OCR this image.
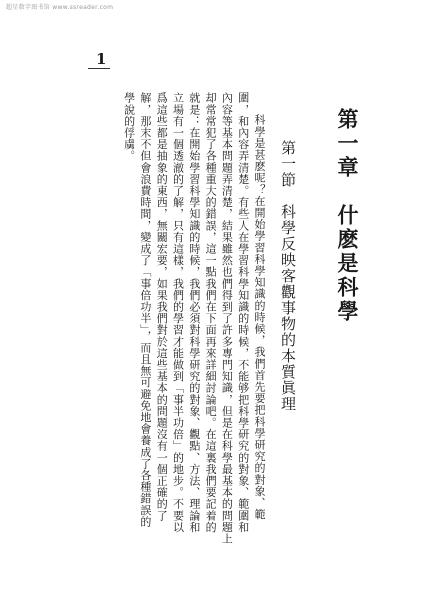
超星数字图书馆 www.ssreader.com
1
第一章　什麽是科學
第一節　科學反映客觀事物的本質眞理
科學是甚麽呢？在開始學習科學知識的時候，我們首先要把科學研究的對象、範
圍，和內容弄清楚。有些人在學習科學知識的時候，不能够把科學研究的對象、範圍和
內容等基本問題弄清楚，結果雖然也們得到了許多專門知識，但是在科學最基本的問題上
却常常犯了各種重大的錯誤，這一點我們在下面再來詳細討論吧。在這裏我們要記着的
就是：在開始學習科學知識的時候，我們必須對科學研究的對象、觀點、方法、理論和
立場有一個透澈的了解，只有這樣，我們的學習才能做到「事半功倍」的地步。不要以
爲這些都是抽象的東西，無關宏要，如果我們對於這些基本的問題沒有一個正確的了
解，那末不但會浪費時間，變成了「事倍功半」，而且無可避免地會養成了各種錯誤的
學說的俘虜。
